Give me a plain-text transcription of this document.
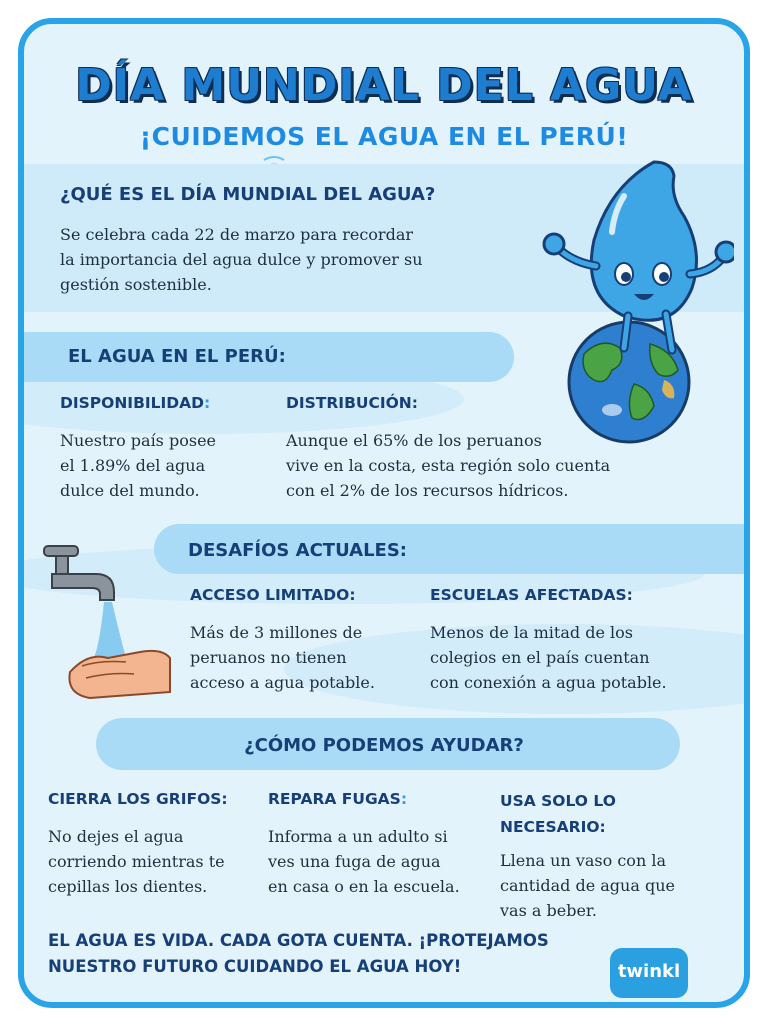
DÍA MUNDIAL DEL AGUA
¡CUIDEMOS EL AGUA EN EL PERÚ!
¿QUÉ ES EL DÍA MUNDIAL DEL AGUA?
Se celebra cada 22 de marzo para recordar
la importancia del agua dulce y promover su
gestión sostenible.
EL AGUA EN EL PERÚ:
DISPONIBILIDAD:
Nuestro país posee
el 1.89% del agua
dulce del mundo.
DISTRIBUCIÓN:
Aunque el 65% de los peruanos
vive en la costa, esta región solo cuenta
con el 2% de los recursos hídricos.
DESAFÍOS ACTUALES:
ACCESO LIMITADO:
Más de 3 millones de
peruanos no tienen
acceso a agua potable.
ESCUELAS AFECTADAS:
Menos de la mitad de los
colegios en el país cuentan
con conexión a agua potable.
¿CÓMO PODEMOS AYUDAR?
CIERRA LOS GRIFOS:
No dejes el agua
corriendo mientras te
cepillas los dientes.
REPARA FUGAS:
Informa a un adulto si
ves una fuga de agua
en casa o en la escuela.
USA SOLO LO
NECESARIO:
Llena un vaso con la
cantidad de agua que
vas a beber.
EL AGUA ES VIDA. CADA GOTA CUENTA. ¡PROTEJAMOS
NUESTRO FUTURO CUIDANDO EL AGUA HOY!	twinkl
